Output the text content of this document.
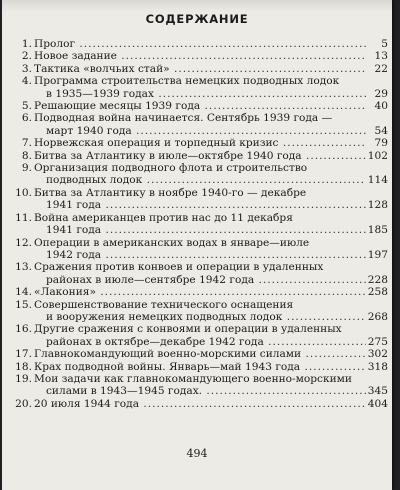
СОДЕРЖАНИЕ
1. Пролог .....	5
2. Новое задание .....	13
3. Тактика «волчьих стай» .....	22
4. Программа строительства немецких подводных лодок
в 1935—1939 годах .....	29
5. Решающие месяцы 1939 года .....	40
6. Подводная война начинается. Сентябрь 1939 года —
март 1940 года .....	54
7. Норвежская операция и торпедный кризис .....	79
8. Битва за Атлантику в июле—октябре 1940 года .....	102
9. Организация подводного флота и строительство
подводных лодок .....	114
10. Битва за Атлантику в ноябре 1940-го — декабре
1941 года .....	128
11. Война американцев против нас до 11 декабря
1941 года .....	185
12. Операции в американских водах в январе—июле
1942 года .....	197
13. Сражения против конвоев и операции в удаленных
районах в июле—сентябре 1942 года .....	228
14. «Лакония» .....	258
15. Совершенствование технического оснащения
и вооружения немецких подводных лодок .....	268
16. Другие сражения с конвоями и операции в удаленных
районах в октябре—декабре 1942 года .....	275
17. Главнокомандующий военно-морскими силами .....	302
18. Крах подводной войны. Январь—май 1943 года .....	318
19. Мои задачи как главнокомандующего военно-морскими
силами в 1943—1945 годах. .....	345
20. 20 июля 1944 года .....	404
494
